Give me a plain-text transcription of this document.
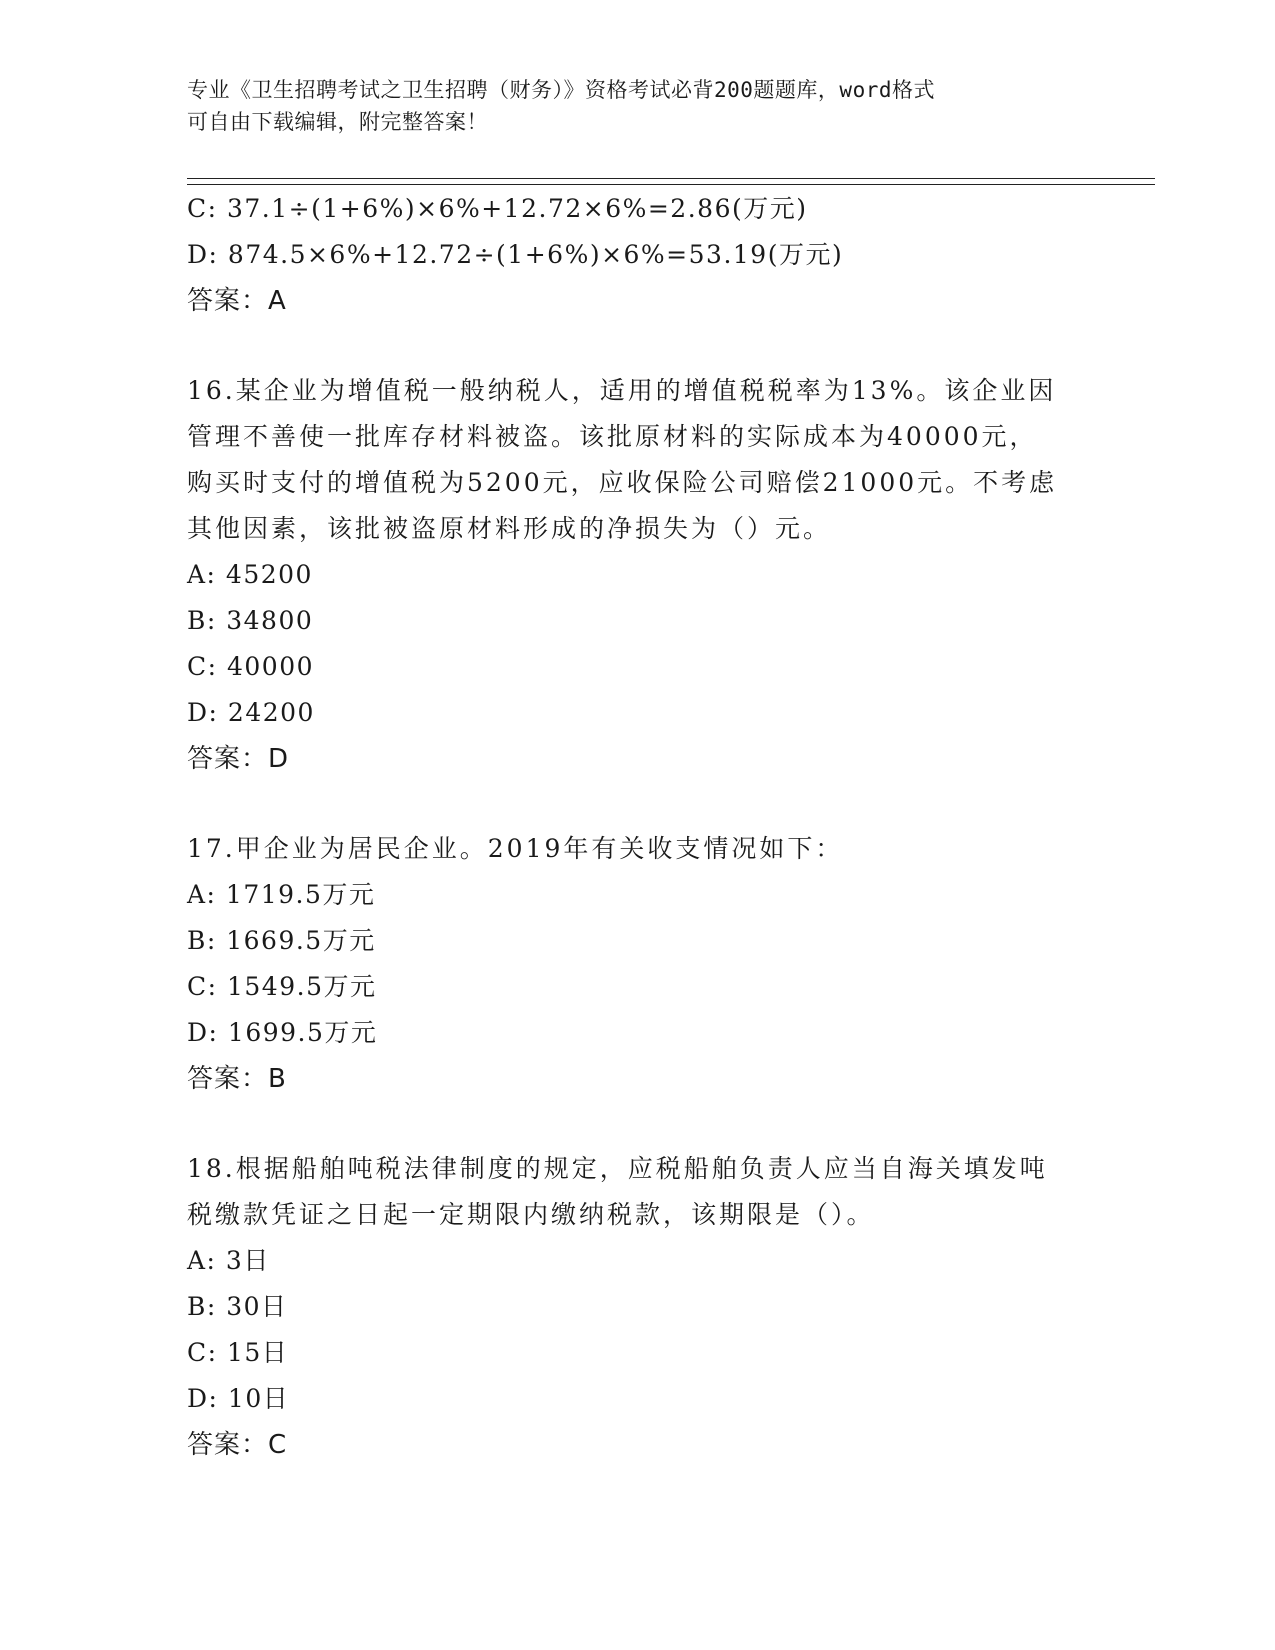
专业《卫生招聘考试之卫生招聘（财务）》资格考试必背200题题库，word格式
可自由下载编辑，附完整答案！
C: 37.1÷(1+6%)×6%+12.72×6%=2.86(万元)
D: 874.5×6%+12.72÷(1+6%)×6%=53.19(万元)
答案：A
16.某企业为增值税一般纳税人，适用的增值税税率为13%。该企业因
管理不善使一批库存材料被盗。该批原材料的实际成本为40000元，
购买时支付的增值税为5200元，应收保险公司赔偿21000元。不考虑
其他因素，该批被盗原材料形成的净损失为（）元。
A: 45200
B: 34800
C: 40000
D: 24200
答案：D
17.甲企业为居民企业。2019年有关收支情况如下：
A: 1719.5万元
B: 1669.5万元
C: 1549.5万元
D: 1699.5万元
答案：B
18.根据船舶吨税法律制度的规定，应税船舶负责人应当自海关填发吨
税缴款凭证之日起一定期限内缴纳税款，该期限是（）。
A: 3日
B: 30日
C: 15日
D: 10日
答案：C
